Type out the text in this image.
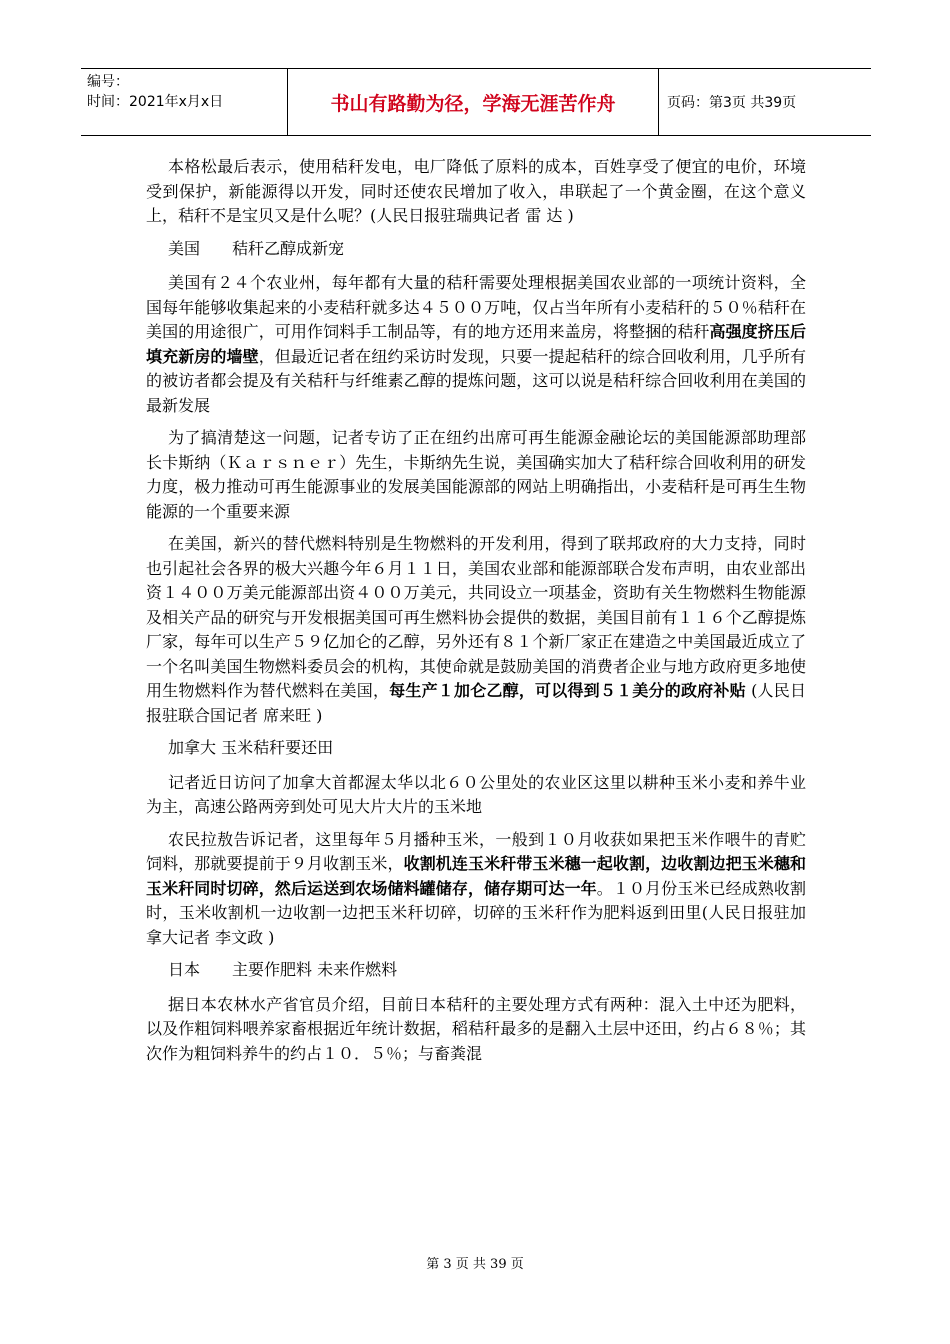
编号：
时间：2021年x月x日	书山有路勤为径，学海无涯苦作舟	页码：第3页 共39页

本格松最后表示，使用秸秆发电，电厂降低了原料的成本，百姓享受了便宜的电价，环境受到保护，新能源得以开发，同时还使农民增加了收入，串联起了一个黄金圈，在这个意义上，秸秆不是宝贝又是什么呢？(人民日报驻瑞典记者 雷 达 )

美国　　秸秆乙醇成新宠

美国有２４个农业州，每年都有大量的秸秆需要处理根据美国农业部的一项统计资料，全国每年能够收集起来的小麦秸秆就多达４５００万吨，仅占当年所有小麦秸秆的５０％秸秆在美国的用途很广，可用作饲料手工制品等，有的地方还用来盖房，将整捆的秸秆高强度挤压后填充新房的墙壁，但最近记者在纽约采访时发现，只要一提起秸秆的综合回收利用，几乎所有的被访者都会提及有关秸秆与纤维素乙醇的提炼问题，这可以说是秸秆综合回收利用在美国的最新发展

为了搞清楚这一问题，记者专访了正在纽约出席可再生能源金融论坛的美国能源部助理部长卡斯纳（Ｋａｒｓｎｅｒ）先生，卡斯纳先生说，美国确实加大了秸秆综合回收利用的研发力度，极力推动可再生能源事业的发展美国能源部的网站上明确指出，小麦秸秆是可再生生物能源的一个重要来源

在美国，新兴的替代燃料特别是生物燃料的开发利用，得到了联邦政府的大力支持，同时也引起社会各界的极大兴趣今年６月１１日，美国农业部和能源部联合发布声明，由农业部出资１４００万美元能源部出资４００万美元，共同设立一项基金，资助有关生物燃料生物能源及相关产品的研究与开发根据美国可再生燃料协会提供的数据，美国目前有１１６个乙醇提炼厂家，每年可以生产５９亿加仑的乙醇，另外还有８１个新厂家正在建造之中美国最近成立了一个名叫美国生物燃料委员会的机构，其使命就是鼓励美国的消费者企业与地方政府更多地使用生物燃料作为替代燃料在美国，每生产１加仑乙醇，可以得到５１美分的政府补贴 (人民日报驻联合国记者 席来旺 )

加拿大 玉米秸秆要还田

记者近日访问了加拿大首都渥太华以北６０公里处的农业区这里以耕种玉米小麦和养牛业为主，高速公路两旁到处可见大片大片的玉米地

农民拉敖告诉记者，这里每年５月播种玉米，一般到１０月收获如果把玉米作喂牛的青贮饲料，那就要提前于９月收割玉米，收割机连玉米秆带玉米穗一起收割，边收割边把玉米穗和玉米秆同时切碎，然后运送到农场储料罐储存，储存期可达一年。１０月份玉米已经成熟收割时，玉米收割机一边收割一边把玉米秆切碎，切碎的玉米秆作为肥料返到田里(人民日报驻加拿大记者 李文政 )

日本　　主要作肥料 未来作燃料

据日本农林水产省官员介绍，目前日本秸秆的主要处理方式有两种：混入土中还为肥料，以及作粗饲料喂养家畜根据近年统计数据，稻秸秆最多的是翻入土层中还田，约占６８％；其次作为粗饲料养牛的约占１０．５％；与畜粪混

第 3 页 共 39 页
